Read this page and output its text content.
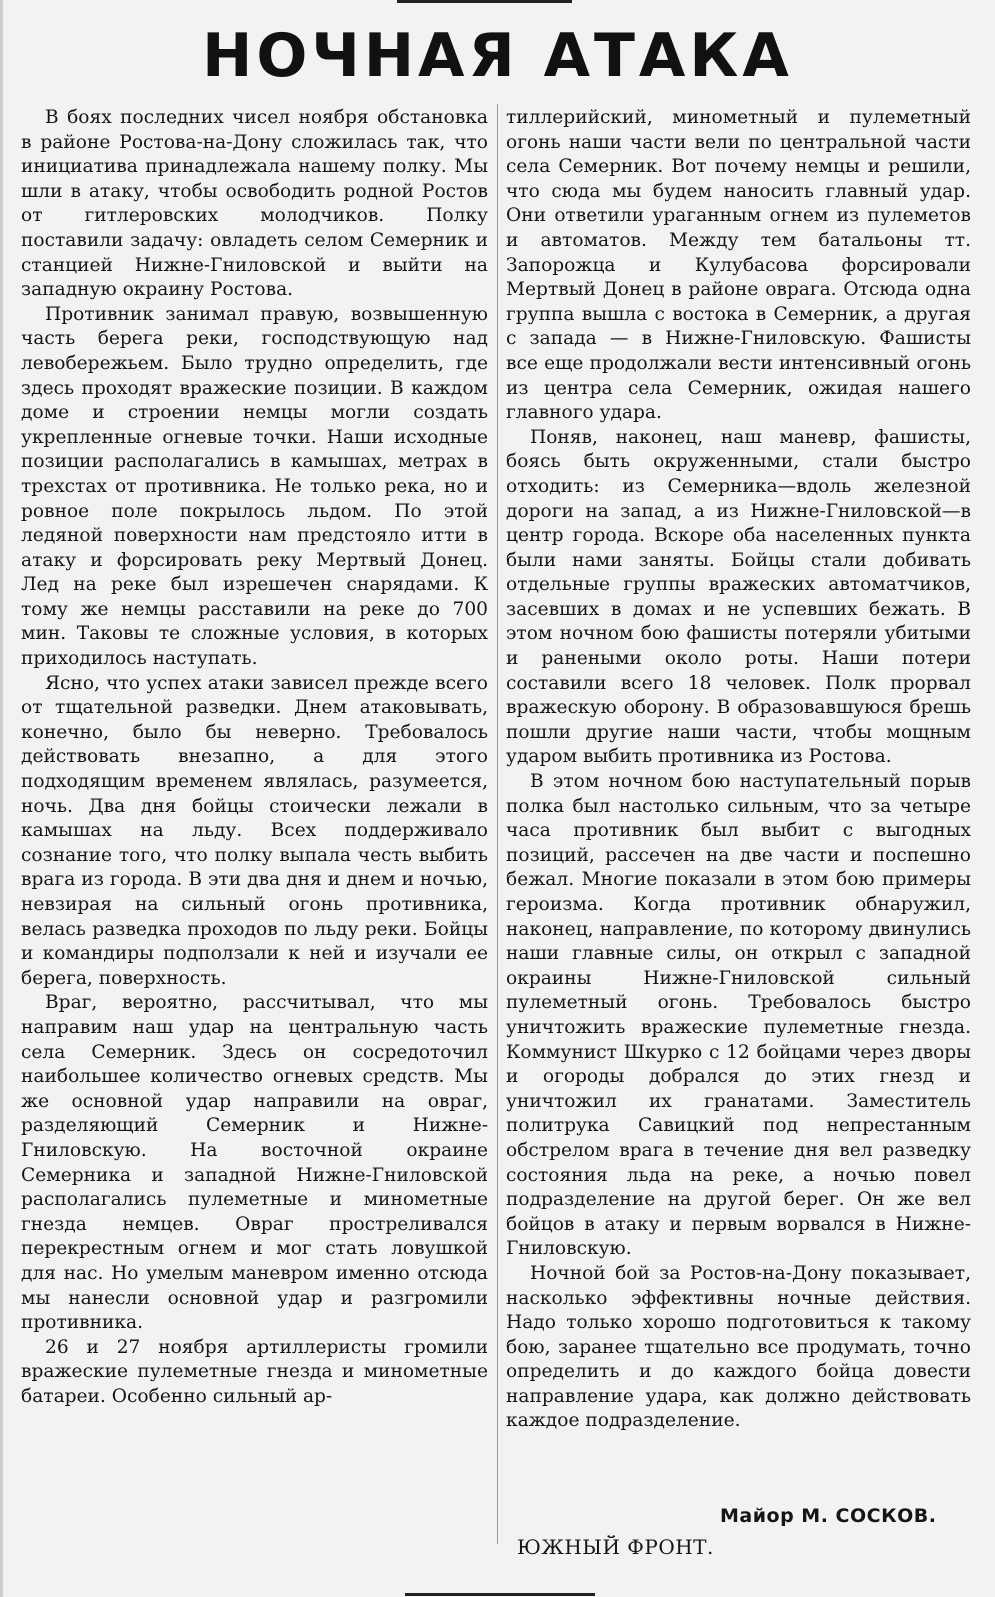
НОЧНАЯ АТАКА

В боях последних чисел ноября обстановка в районе Ростова-на-Дону сложилась так, что инициатива принадлежала нашему полку. Мы шли в атаку, чтобы освободить родной Ростов от гитлеровских молодчиков. Полку поставили задачу: овладеть селом Семерник и станцией Нижне-Гниловской и выйти на западную окраину Ростова.

Противник занимал правую, возвышенную часть берега реки, господствующую над левобережьем. Было трудно определить, где здесь проходят вражеские позиции. В каждом доме и строении немцы могли создать укрепленные огневые точки. Наши исходные позиции располагались в камышах, метрах в трехстах от противника. Не только река, но и ровное поле покрылось льдом. По этой ледяной поверхности нам предстояло итти в атаку и форсировать реку Мертвый Донец. Лед на реке был изрешечен снарядами. К тому же немцы расставили на реке до 700 мин. Таковы те сложные условия, в которых приходилось наступать.

Ясно, что успех атаки зависел прежде всего от тщательной разведки. Днем атаковывать, конечно, было бы неверно. Требовалось действовать внезапно, а для этого подходящим временем являлась, разумеется, ночь. Два дня бойцы стоически лежали в камышах на льду. Всех поддерживало сознание того, что полку выпала честь выбить врага из города. В эти два дня и днем и ночью, невзирая на сильный огонь противника, велась разведка проходов по льду реки. Бойцы и командиры подползали к ней и изучали ее берега, поверхность.

Враг, вероятно, рассчитывал, что мы направим наш удар на центральную часть села Семерник. Здесь он сосредоточил наибольшее количество огневых средств. Мы же основной удар направили на овраг, разделяющий Семерник и Нижне-Гниловскую. На восточной окраине Семерника и западной Нижне-Гниловской располагались пулеметные и минометные гнезда немцев. Овраг простреливался перекрестным огнем и мог стать ловушкой для нас. Но умелым маневром именно отсюда мы нанесли основной удар и разгромили противника.

26 и 27 ноября артиллеристы громили вражеские пулеметные гнезда и минометные батареи. Особенно сильный ар-

тиллерийский, минометный и пулеметный огонь наши части вели по центральной части села Семерник. Вот почему немцы и решили, что сюда мы будем наносить главный удар. Они ответили ураганным огнем из пулеметов и автоматов. Между тем батальоны тт. Запорожца и Кулубасова форсировали Мертвый Донец в районе оврага. Отсюда одна группа вышла с востока в Семерник, а другая с запада — в Нижне-Гниловскую. Фашисты все еще продолжали вести интенсивный огонь из центра села Семерник, ожидая нашего главного удара.

Поняв, наконец, наш маневр, фашисты, боясь быть окруженными, стали быстро отходить: из Семерника—вдоль железной дороги на запад, а из Нижне-Гниловской—в центр города. Вскоре оба населенных пункта были нами заняты. Бойцы стали добивать отдельные группы вражеских автоматчиков, засевших в домах и не успевших бежать. В этом ночном бою фашисты потеряли убитыми и ранеными около роты. Наши потери составили всего 18 человек. Полк прорвал вражескую оборону. В образовавшуюся брешь пошли другие наши части, чтобы мощным ударом выбить противника из Ростова.

В этом ночном бою наступательный порыв полка был настолько сильным, что за четыре часа противник был выбит с выгодных позиций, рассечен на две части и поспешно бежал. Многие показали в этом бою примеры героизма. Когда противник обнаружил, наконец, направление, по которому двинулись наши главные силы, он открыл с западной окраины Нижне-Гниловской сильный пулеметный огонь. Требовалось быстро уничтожить вражеские пулеметные гнезда. Коммунист Шкурко с 12 бойцами через дворы и огороды добрался до этих гнезд и уничтожил их гранатами. Заместитель политрука Савицкий под непрестанным обстрелом врага в течение дня вел разведку состояния льда на реке, а ночью повел подразделение на другой берег. Он же вел бойцов в атаку и первым ворвался в Нижне-Гниловскую.

Ночной бой за Ростов-на-Дону показывает, насколько эффективны ночные действия. Надо только хорошо подготовиться к такому бою, заранее тщательно все продумать, точно определить и до каждого бойца довести направление удара, как должно действовать каждое подразделение.

Майор М. СОСКОВ.
ЮЖНЫЙ ФРОНТ.
